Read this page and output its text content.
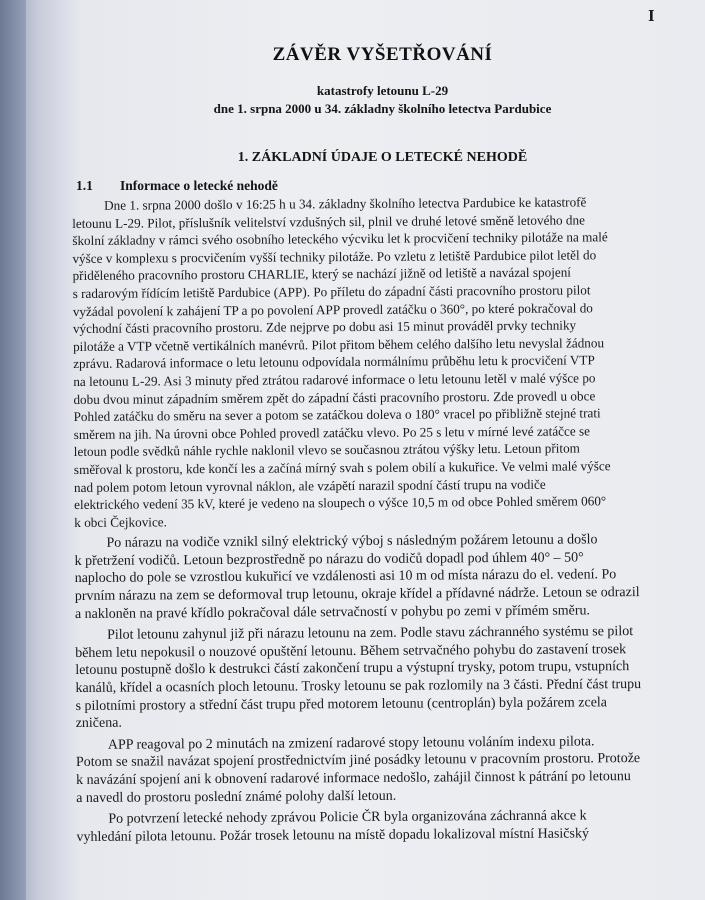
I
ZÁVĚR VYŠETŘOVÁNÍ
katastrofy letounu L-29
dne 1. srpna 2000 u 34. základny školního letectva Pardubice
1. ZÁKLADNÍ ÚDAJE O LETECKÉ NEHODĚ
1.1 Informace o letecké nehodě
Dne 1. srpna 2000 došlo v 16:25 h u 34. základny školního letectva Pardubice ke katastrofě
letounu L-29. Pilot, příslušník velitelství vzdušných sil, plnil ve druhé letové směně letového dne
školní základny v rámci svého osobního leteckého výcviku let k procvičení techniky pilotáže na malé
výšce v komplexu s procvičením vyšší techniky pilotáže. Po vzletu z letiště Pardubice pilot letěl do
přiděleného pracovního prostoru CHARLIE, který se nachází jižně od letiště a navázal spojení
s radarovým řídícím letiště Pardubice (APP). Po příletu do západní části pracovního prostoru pilot
vyžádal povolení k zahájení TP a po povolení APP provedl zatáčku o 360°, po které pokračoval do
východní části pracovního prostoru. Zde nejprve po dobu asi 15 minut prováděl prvky techniky
pilotáže a VTP včetně vertikálních manévrů. Pilot přitom během celého dalšího letu nevyslal žádnou
zprávu. Radarová informace o letu letounu odpovídala normálnímu průběhu letu k procvičení VTP
na letounu L-29. Asi 3 minuty před ztrátou radarové informace o letu letounu letěl v malé výšce po
dobu dvou minut západním směrem zpět do západní části pracovního prostoru. Zde provedl u obce
Pohled zatáčku do směru na sever a potom se zatáčkou doleva o 180° vracel po přibližně stejné trati
směrem na jih. Na úrovni obce Pohled provedl zatáčku vlevo. Po 25 s letu v mírné levé zatáčce se
letoun podle svědků náhle rychle naklonil vlevo se současnou ztrátou výšky letu. Letoun přitom
směřoval k prostoru, kde končí les a začíná mírný svah s polem obilí a kukuřice. Ve velmi malé výšce
nad polem potom letoun vyrovnal náklon, ale vzápětí narazil spodní částí trupu na vodiče
elektrického vedení 35 kV, které je vedeno na sloupech o výšce 10,5 m od obce Pohled směrem 060°
k obci Čejkovice.
Po nárazu na vodiče vznikl silný elektrický výboj s následným požárem letounu a došlo
k přetržení vodičů. Letoun bezprostředně po nárazu do vodičů dopadl pod úhlem 40° – 50°
naplocho do pole se vzrostlou kukuřicí ve vzdálenosti asi 10 m od místa nárazu do el. vedení. Po
prvním nárazu na zem se deformoval trup letounu, okraje křídel a přídavné nádrže. Letoun se odrazil
a nakloněn na pravé křídlo pokračoval dále setrvačností v pohybu po zemi v přímém směru.
Pilot letounu zahynul již při nárazu letounu na zem. Podle stavu záchranného systému se pilot
během letu nepokusil o nouzové opuštění letounu. Během setrvačného pohybu do zastavení trosek
letounu postupně došlo k destrukci částí zakončení trupu a výstupní trysky, potom trupu, vstupních
kanálů, křídel a ocasních ploch letounu. Trosky letounu se pak rozlomily na 3 části. Přední část trupu
s pilotními prostory a střední část trupu před motorem letounu (centroplán) byla požárem zcela
zničena.
APP reagoval po 2 minutách na zmizení radarové stopy letounu voláním indexu pilota.
Potom se snažil navázat spojení prostřednictvím jiné posádky letounu v pracovním prostoru. Protože
k navázání spojení ani k obnovení radarové informace nedošlo, zahájil činnost k pátrání po letounu
a navedl do prostoru poslední známé polohy další letoun.
Po potvrzení letecké nehody zprávou Policie ČR byla organizována záchranná akce k
vyhledání pilota letounu. Požár trosek letounu na místě dopadu lokalizoval místní Hasičský
